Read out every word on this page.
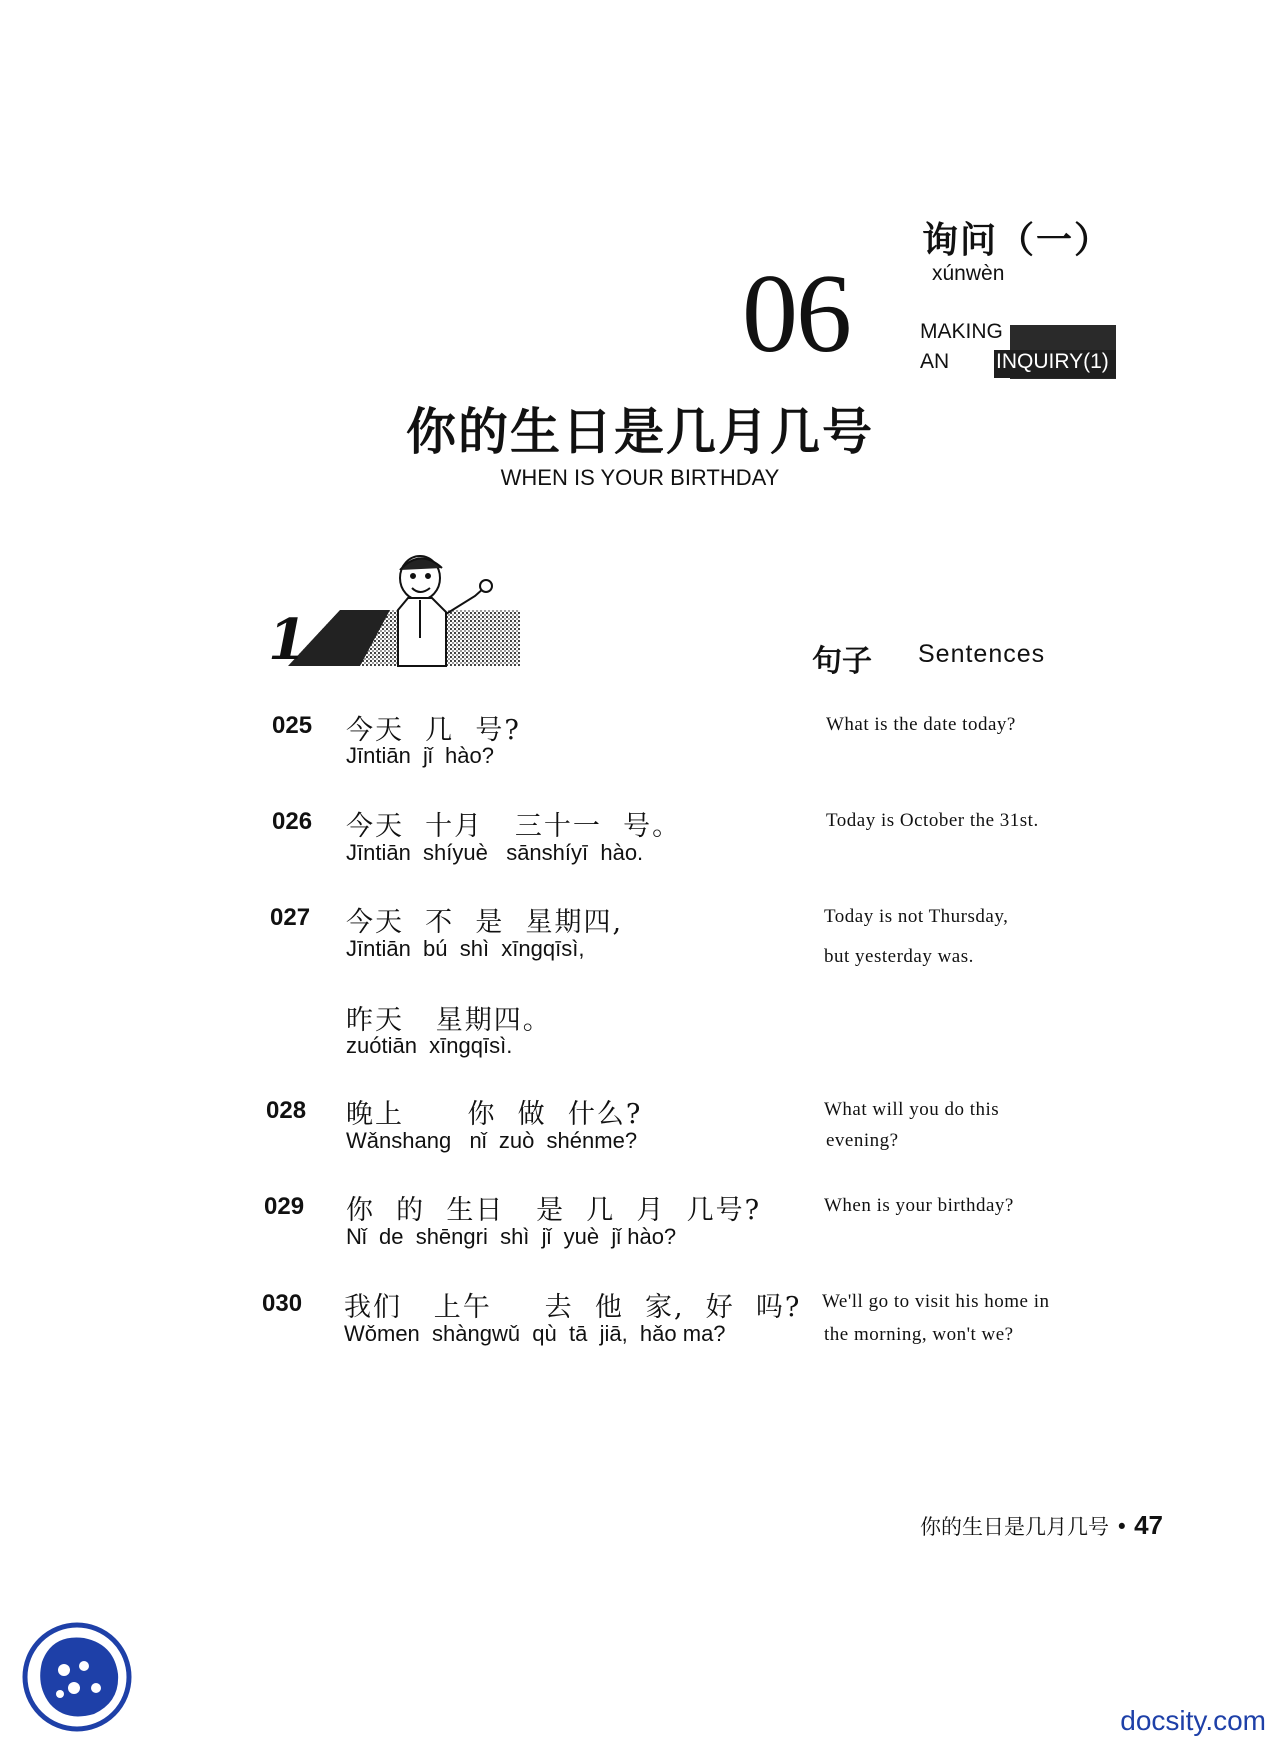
询问（一）
xúnwèn
06	MAKING
AN INQUIRY(1)
你的生日是几月几号
WHEN IS YOUR BIRTHDAY
1	句子 Sentences
025 今天  几  号?
Jīntiān  jǐ  hào?
What is the date today?
026 今天  十月   三十一  号。
Jīntiān  shíyuè   sānshíyī  hào.
Today is October the 31st.
027 今天  不  是  星期四,
Jīntiān  bú  shì  xīngqīsì,
Today is not Thursday,
but yesterday was.
昨天   星期四。
zuótiān  xīngqīsì.
028 晚上      你  做  什么?
Wǎnshang   nǐ  zuò  shénme?
What will you do this
evening?
029 你  的  生日   是  几  月  几号?
Nǐ  de  shēngri  shì  jǐ  yuè  jǐ hào?
When is your birthday?
030 我们   上午     去  他  家,  好  吗?
Wǒmen  shàngwǔ  qù  tā  jiā,  hǎo ma?
We'll go to visit his home in
the morning, won't we?
你的生日是几月几号 • 47
docsity.com
